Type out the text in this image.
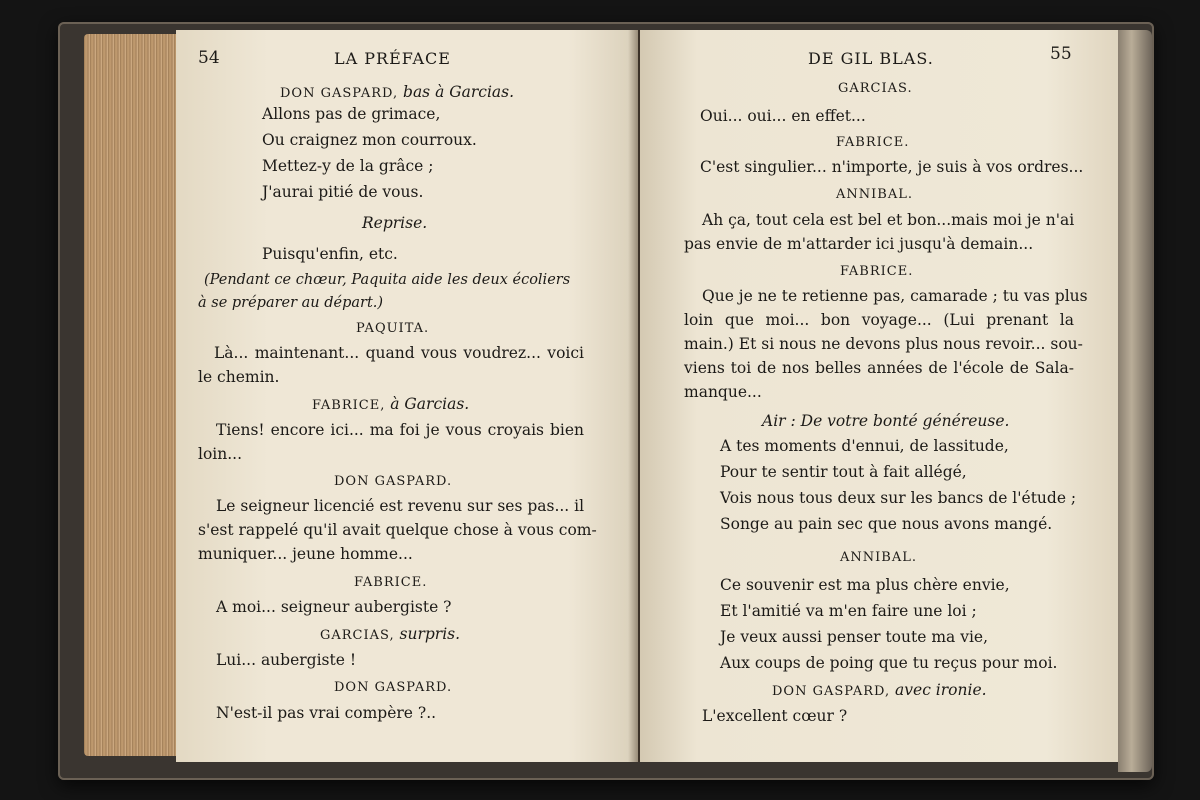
54	LA PRÉFACE
DON GASPARD, bas à Garcias.
Allons pas de grimace,
Ou craignez mon courroux.
Mettez-y de la grâce ;
J'aurai pitié de vous.
Reprise.
Puisqu'enfin, etc.
(Pendant ce chœur, Paquita aide les deux écoliers
à se préparer au départ.)
PAQUITA.
Là... maintenant... quand vous voudrez... voici
le chemin.
FABRICE, à Garcias.
Tiens! encore ici... ma foi je vous croyais bien
loin...
DON GASPARD.
Le seigneur licencié est revenu sur ses pas... il
s'est rappelé qu'il avait quelque chose à vous com-
muniquer... jeune homme...
FABRICE.
A moi... seigneur aubergiste ?
GARCIAS, surpris.
Lui... aubergiste !
DON GASPARD.
N'est-il pas vrai compère ?..
DE GIL BLAS.	55
GARCIAS.
Oui... oui... en effet...
FABRICE.
C'est singulier... n'importe, je suis à vos ordres...
ANNIBAL.
Ah ça, tout cela est bel et bon...mais moi je n'ai
pas envie de m'attarder ici jusqu'à demain...
FABRICE.
Que je ne te retienne pas, camarade ; tu vas plus
loin que moi... bon voyage... (Lui prenant la
main.) Et si nous ne devons plus nous revoir... sou-
viens toi de nos belles années de l'école de Sala-
manque...
Air : De votre bonté généreuse.
A tes moments d'ennui, de lassitude,
Pour te sentir tout à fait allégé,
Vois nous tous deux sur les bancs de l'étude ;
Songe au pain sec que nous avons mangé.
ANNIBAL.
Ce souvenir est ma plus chère envie,
Et l'amitié va m'en faire une loi ;
Je veux aussi penser toute ma vie,
Aux coups de poing que tu reçus pour moi.
DON GASPARD, avec ironie.
L'excellent cœur ?
